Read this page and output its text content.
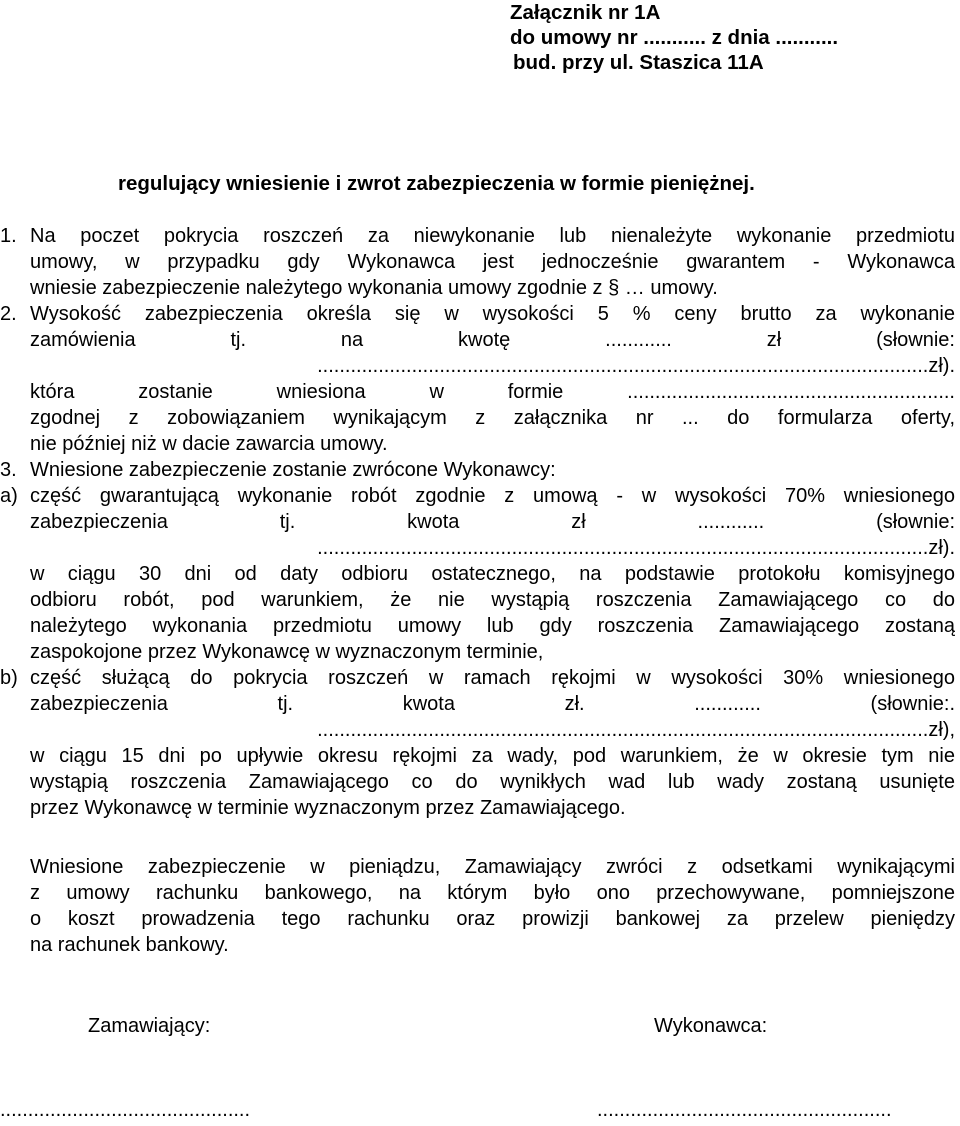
Załącznik nr 1A
do umowy nr ........... z dnia ...........
bud. przy ul. Staszica 11A
regulujący wniesienie i zwrot zabezpieczenia w formie pieniężnej.
1. Na poczet pokrycia roszczeń za niewykonanie lub nienależyte wykonanie przedmiotu
umowy, w przypadku gdy Wykonawca jest jednocześnie gwarantem - Wykonawca
wniesie zabezpieczenie należytego wykonania umowy zgodnie z § … umowy.
2. Wysokość zabezpieczenia określa się w wysokości 5 % ceny brutto za wykonanie
zamówienia tj. na kwotę ............ zł (słownie:
..............................................................................................................zł).
która zostanie wniesiona w formie ...........................................................
zgodnej z zobowiązaniem wynikającym z załącznika nr ... do formularza oferty,
nie później niż w dacie zawarcia umowy.
3. Wniesione zabezpieczenie zostanie zwrócone Wykonawcy:
a) część gwarantującą wykonanie robót zgodnie z umową - w wysokości 70% wniesionego
zabezpieczenia tj. kwota zł ............ (słownie:
..............................................................................................................zł).
w ciągu 30 dni od daty odbioru ostatecznego, na podstawie protokołu komisyjnego
odbioru robót, pod warunkiem, że nie wystąpią roszczenia Zamawiającego co do
należytego wykonania przedmiotu umowy lub gdy roszczenia Zamawiającego zostaną
zaspokojone przez Wykonawcę w wyznaczonym terminie,
b) część służącą do pokrycia roszczeń w ramach rękojmi w wysokości 30% wniesionego
zabezpieczenia tj. kwota zł. ............ (słownie:.
..............................................................................................................zł),
w ciągu 15 dni po upływie okresu rękojmi za wady, pod warunkiem, że w okresie tym nie
wystąpią roszczenia Zamawiającego co do wynikłych wad lub wady zostaną usunięte
przez Wykonawcę w terminie wyznaczonym przez Zamawiającego.
Wniesione zabezpieczenie w pieniądzu, Zamawiający zwróci z odsetkami wynikającymi
z umowy rachunku bankowego, na którym było ono przechowywane, pomniejszone
o koszt prowadzenia tego rachunku oraz prowizji bankowej za przelew pieniędzy
na rachunek bankowy.
Zamawiający:	Wykonawca:
.............................................	.....................................................
